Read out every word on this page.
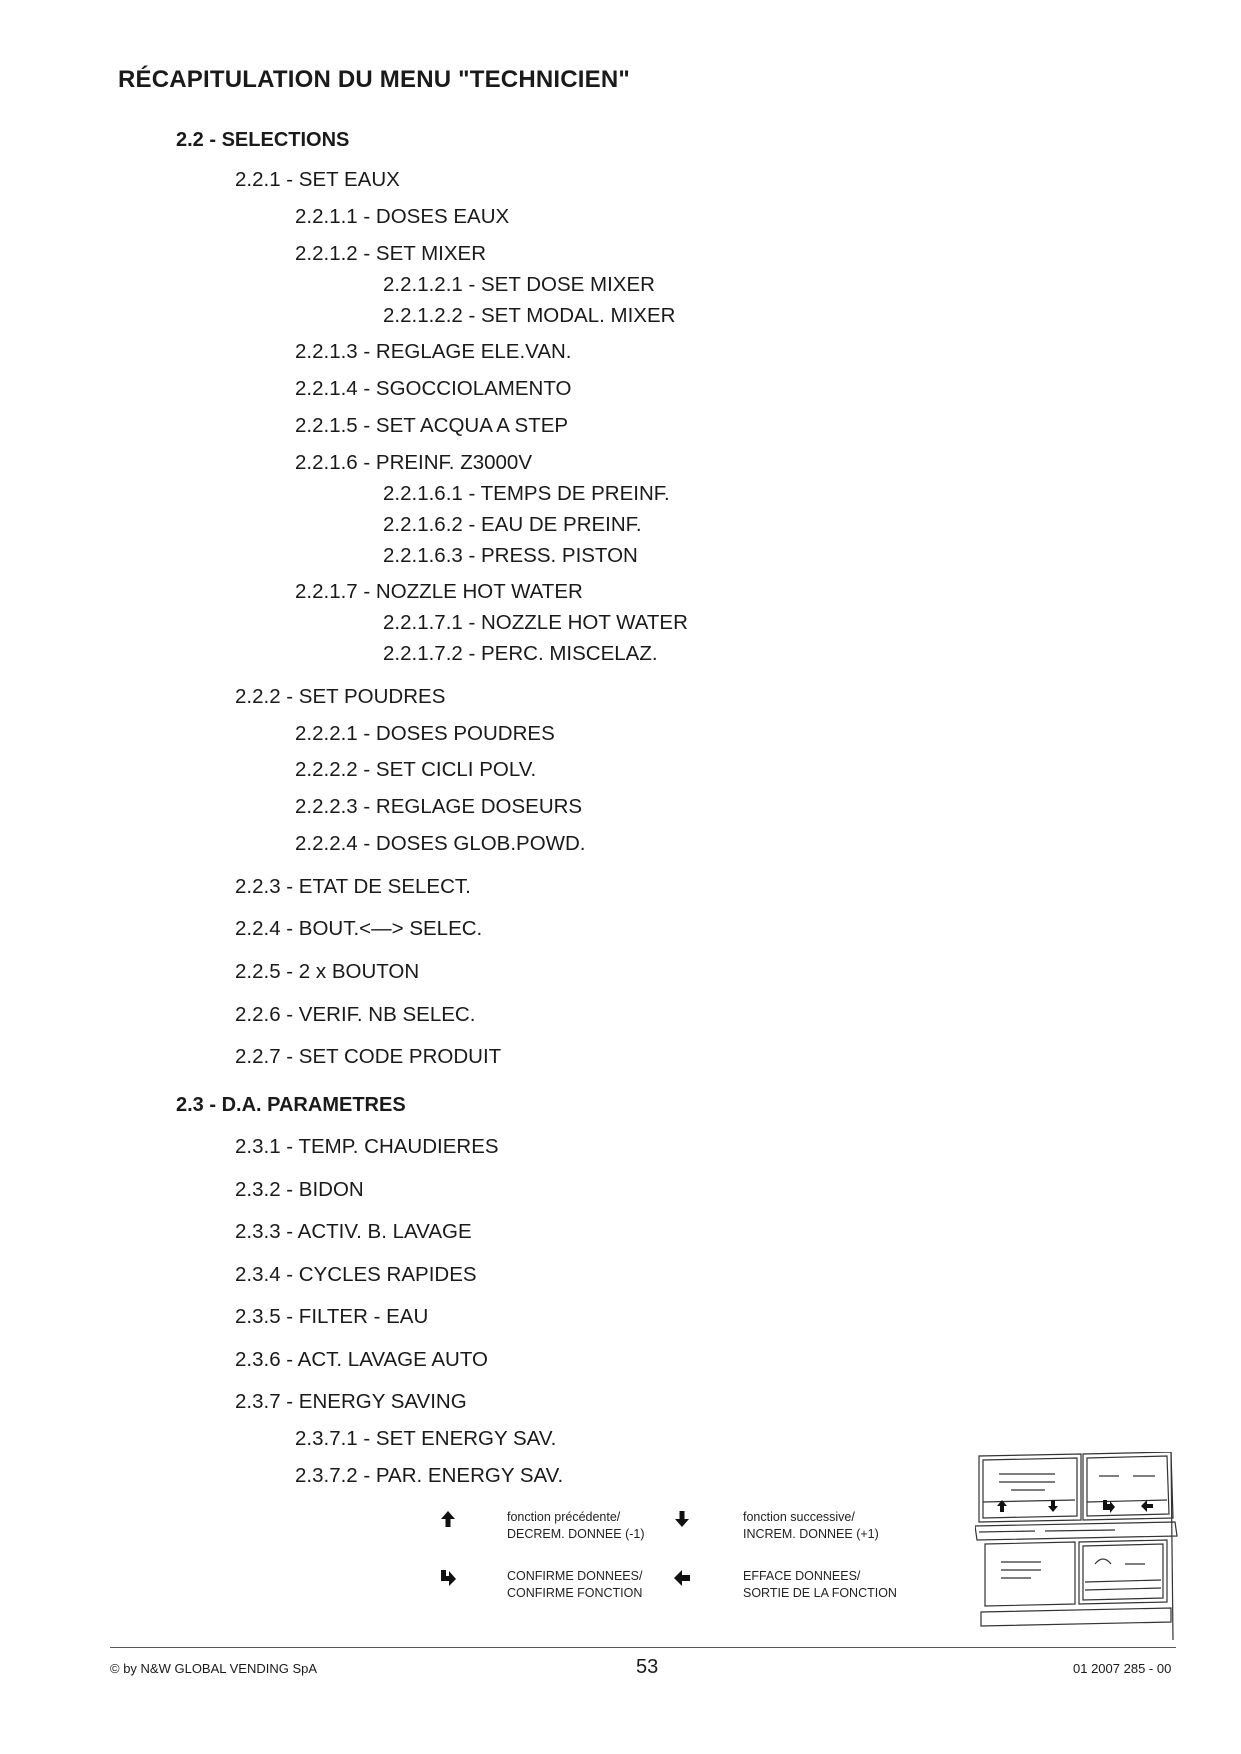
RÉCAPITULATION DU MENU "TECHNICIEN"
2.2 - SELECTIONS
2.2.1 - SET EAUX
2.2.1.1 - DOSES EAUX
2.2.1.2 - SET MIXER
2.2.1.2.1 - SET DOSE MIXER
2.2.1.2.2 - SET MODAL. MIXER
2.2.1.3 - REGLAGE ELE.VAN.
2.2.1.4 - SGOCCIOLAMENTO
2.2.1.5 - SET ACQUA A STEP
2.2.1.6 - PREINF. Z3000V
2.2.1.6.1 - TEMPS DE PREINF.
2.2.1.6.2 - EAU DE PREINF.
2.2.1.6.3 - PRESS. PISTON
2.2.1.7 - NOZZLE HOT WATER
2.2.1.7.1 - NOZZLE HOT WATER
2.2.1.7.2 - PERC. MISCELAZ.
2.2.2 - SET POUDRES
2.2.2.1 - DOSES POUDRES
2.2.2.2 - SET CICLI POLV.
2.2.2.3 - REGLAGE DOSEURS
2.2.2.4 - DOSES GLOB.POWD.
2.2.3 - ETAT DE SELECT.
2.2.4 - BOUT.<—> SELEC.
2.2.5 - 2 x BOUTON
2.2.6 - VERIF. NB SELEC.
2.2.7 - SET CODE PRODUIT
2.3 - D.A. PARAMETRES
2.3.1 - TEMP. CHAUDIERES
2.3.2 - BIDON
2.3.3 - ACTIV. B. LAVAGE
2.3.4 - CYCLES RAPIDES
2.3.5 - FILTER - EAU
2.3.6 - ACT. LAVAGE AUTO
2.3.7 - ENERGY SAVING
2.3.7.1 - SET ENERGY SAV.
2.3.7.2 - PAR. ENERGY SAV.
fonction précédente/
DECREM. DONNEE (-1)
fonction successive/
INCREM. DONNEE (+1)
CONFIRME DONNEES/
CONFIRME FONCTION
EFFACE DONNEES/
SORTIE DE LA FONCTION
© by N&W GLOBAL VENDING SpA	53	01 2007 285 - 00
